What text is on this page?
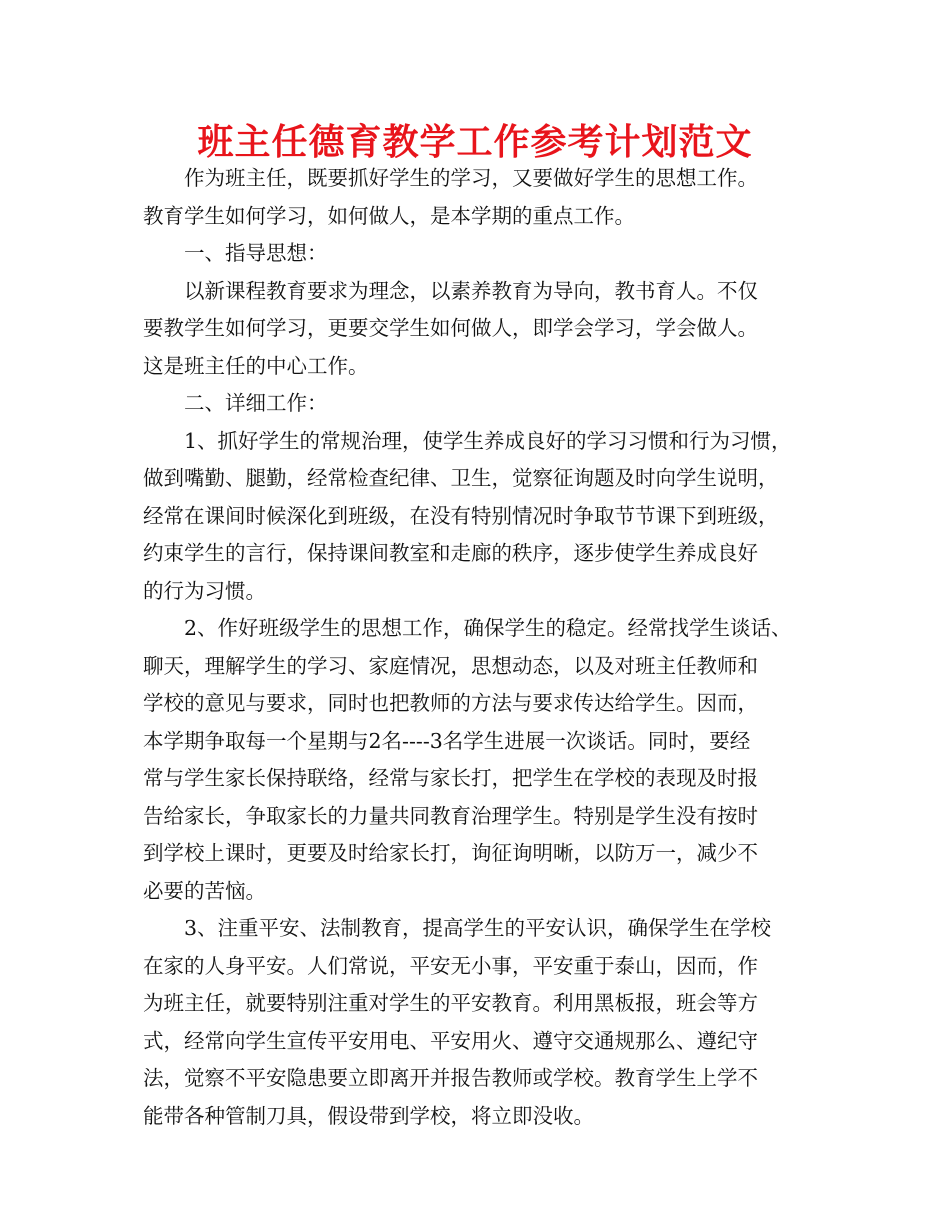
班主任德育教学工作参考计划范文
作为班主任，既要抓好学生的学习，又要做好学生的思想工作。
教育学生如何学习，如何做人，是本学期的重点工作。
一、指导思想：
以新课程教育要求为理念，以素养教育为导向，教书育人。不仅
要教学生如何学习，更要交学生如何做人，即学会学习，学会做人。
这是班主任的中心工作。
二、详细工作：
1、抓好学生的常规治理，使学生养成良好的学习习惯和行为习惯，
做到嘴勤、腿勤，经常检查纪律、卫生，觉察征询题及时向学生说明，
经常在课间时候深化到班级，在没有特别情况时争取节节课下到班级，
约束学生的言行，保持课间教室和走廊的秩序，逐步使学生养成良好
的行为习惯。
2、作好班级学生的思想工作，确保学生的稳定。经常找学生谈话、
聊天，理解学生的学习、家庭情况，思想动态，以及对班主任教师和
学校的意见与要求，同时也把教师的方法与要求传达给学生。因而，
本学期争取每一个星期与2名----3名学生进展一次谈话。同时，要经
常与学生家长保持联络，经常与家长打，把学生在学校的表现及时报
告给家长，争取家长的力量共同教育治理学生。特别是学生没有按时
到学校上课时，更要及时给家长打，询征询明晰，以防万一，减少不
必要的苦恼。
3、注重平安、法制教育，提高学生的平安认识，确保学生在学校
在家的人身平安。人们常说，平安无小事，平安重于泰山，因而，作
为班主任，就要特别注重对学生的平安教育。利用黑板报，班会等方
式，经常向学生宣传平安用电、平安用火、遵守交通规那么、遵纪守
法，觉察不平安隐患要立即离开并报告教师或学校。教育学生上学不
能带各种管制刀具，假设带到学校，将立即没收。
